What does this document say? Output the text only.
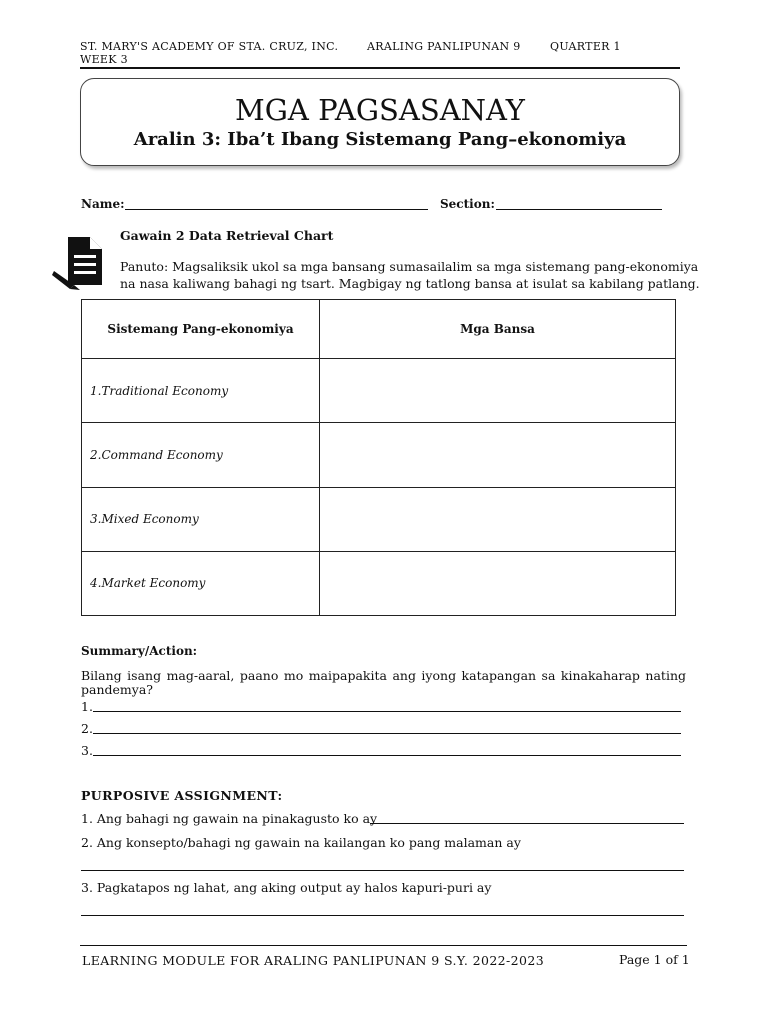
ST. MARY'S ACADEMY OF STA. CRUZ, INC.	ARALING PANLIPUNAN 9	QUARTER 1
WEEK 3
MGA PAGSASANAY
Aralin 3: Iba’t Ibang Sistemang Pang–ekonomiya
Name:	Section:
Gawain 2 Data Retrieval Chart
Panuto: Magsaliksik ukol sa mga bansang sumasailalim sa mga sistemang pang-ekonomiya
na nasa kaliwang bahagi ng tsart. Magbigay ng tatlong bansa at isulat sa kabilang patlang.
Sistemang Pang-ekonomiya	Mga Bansa
1.Traditional Economy	
2.Command Economy	
3.Mixed Economy	
4.Market Economy	
Summary/Action:
Bilang isang mag-aaral, paano mo maipapakita ang iyong katapangan sa kinakaharap nating
pandemya?
1.
2.
3.
PURPOSIVE ASSIGNMENT:
1. Ang bahagi ng gawain na pinakagusto ko ay
2. Ang konsepto/bahagi ng gawain na kailangan ko pang malaman ay
3. Pagkatapos ng lahat, ang aking output ay halos kapuri-puri ay
LEARNING MODULE FOR ARALING PANLIPUNAN 9 S.Y. 2022-2023	Page 1 of 1
